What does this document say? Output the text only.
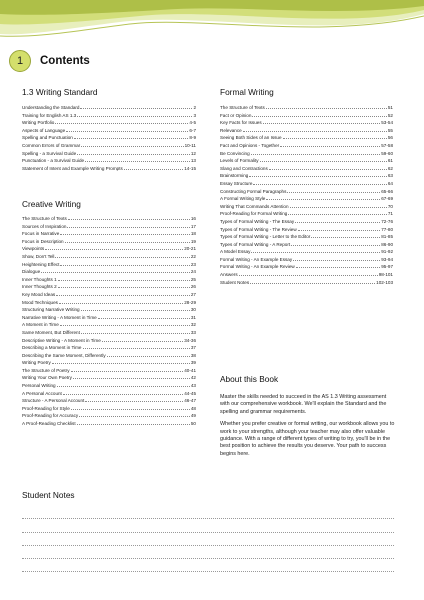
1	Contents
1.3 Writing Standard
Understanding the Standard	2
Training for English AS 1.3	3
Writing Portfolio	4-5
Aspects of Language	6-7
Spelling and Punctuation	8-9
Common Errors of Grammar	10-11
Spelling - a Survival Guide	12
Punctuation - a Survival Guide	13
Statement of Intent and Example Writing Prompts	14-15
Creative Writing
The Structure of Texts	16
Sources of Inspiration	17
Focus in Narrative	18
Focus in Description	19
Viewpoints	20-21
Show, Don't Tell	22
Heightening Effect	23
Dialogue	24
Inner Thoughts 1	25
Inner Thoughts 2	26
Key Mood Ideas	27
Mood Techniques	28-29
Structuring Narrative Writing	30
Narrative Writing - A Moment in Time	31
A Moment in Time	32
Same Moment, But Different	33
Descriptive Writing - A Moment in Time	34-36
Describing a Moment in Time	37
Describing the Same Moment, Differently	38
Writing Poetry	39
The Structure of Poetry	40-41
Writing Your Own Poetry	42
Personal Writing	43
A Personal Account	44-45
Structure - A Personal Account	46-47
Proof-Reading for Style	48
Proof-Reading for Accuracy	49
A Proof-Reading Checklist	50
Formal Writing
The Structure of Texts	51
Fact or Opinion	52
Key Facts for Issues	53-54
Relevance	55
Seeing Both Sides of an Issue	56
Fact and Opinions - Together	57-58
Be Convincing	59-60
Levels of Formality	61
Slang and Contractions	62
Brainstorming	63
Essay Structure	64
Constructing Formal Paragraphs	65-66
A Formal Writing Style	67-69
Writing That Commands Attention	70
Proof-Reading for Formal Writing	71
Types of Formal Writing - The Essay	72-76
Types of Formal Writing - The Review	77-80
Types of Formal Writing - Letter to the Editor	81-85
Types of Formal Writing - A Report	86-90
A Model Essay	91-92
Formal Writing - An Example Essay	93-94
Formal Writing - An Example Review	95-97
Answers	98-101
Student Notes	102-103
About this Book

Master the skills needed to succeed in the AS 1.3 Writing assessment with our comprehensive workbook. We'll explain the Standard and the spelling and grammar requirements.

Whether you prefer creative or formal writing, our workbook allows you to work to your strengths, although your teacher may also offer valuable guidance. With a range of different types of writing to try, you'll be in the best position to achieve the results you deserve. Your path to success begins here.

Student Notes
